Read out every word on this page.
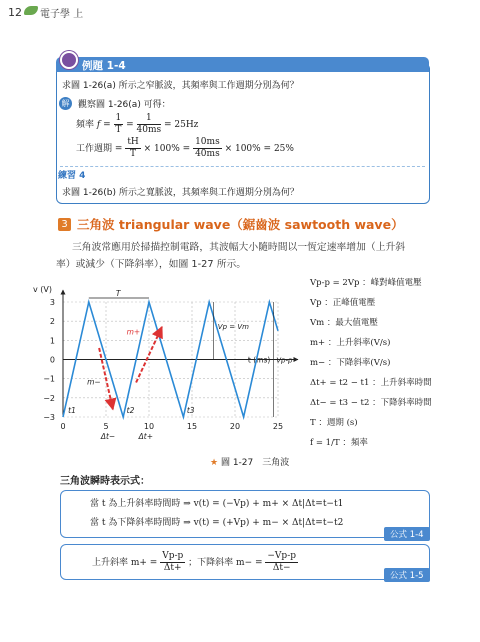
12 電子學 上
例題 1-4
求圖 1-26(a) 所示之窄脈波，其頻率與工作週期分別為何？
解 觀察圖 1-26(a) 可得：
頻率 $f = \frac{1}{T} = \frac{1}{40ms} = 25Hz$
工作週期 = $\frac{tH}{T} \times 100\% = \frac{10ms}{40ms} \times 100\% = 25\%$
練習 4
求圖 1-26(b) 所示之寬脈波，其頻率與工作週期分別為何？
3 三角波 triangular wave（鋸齒波 sawtooth wave）
三角波常應用於掃描控制電路，其波幅大小隨時間以一恆定速率增加（上升斜
率）或減少（下降斜率），如圖 1-27 所示。
3
2
1
0
−1
−2
−3
0	5	10	15	20	25
v (V)
t (ms)
T
Vp = Vm
Vp-p
m+
m−
t1	t2	t3
Δt−	Δt+
Vp-p = 2Vp ：峰對峰值電壓
Vp ：正峰值電壓
Vm ：最大值電壓
m+ ：上升斜率(V/s)
m− ：下降斜率(V/s)
Δt+ = t2 − t1 ：上升斜率時間
Δt− = t3 − t2 ：下降斜率時間
T ：週期 (s)
f = 1/T ：頻率
★ 圖 1-27　三角波
三角波瞬時表示式：
當 t 為上升斜率時間時 ⇒ v(t) = (−Vp) + m+ × Δt|Δt=t−t1
當 t 為下降斜率時間時 ⇒ v(t) = (+Vp) + m− × Δt|Δt=t−t2
公式 1-4
上升斜率 $m+ = \frac{Vp-p}{\Delta t+}$ ；下降斜率 $m- = \frac{-Vp-p}{\Delta t-}$
公式 1-5
